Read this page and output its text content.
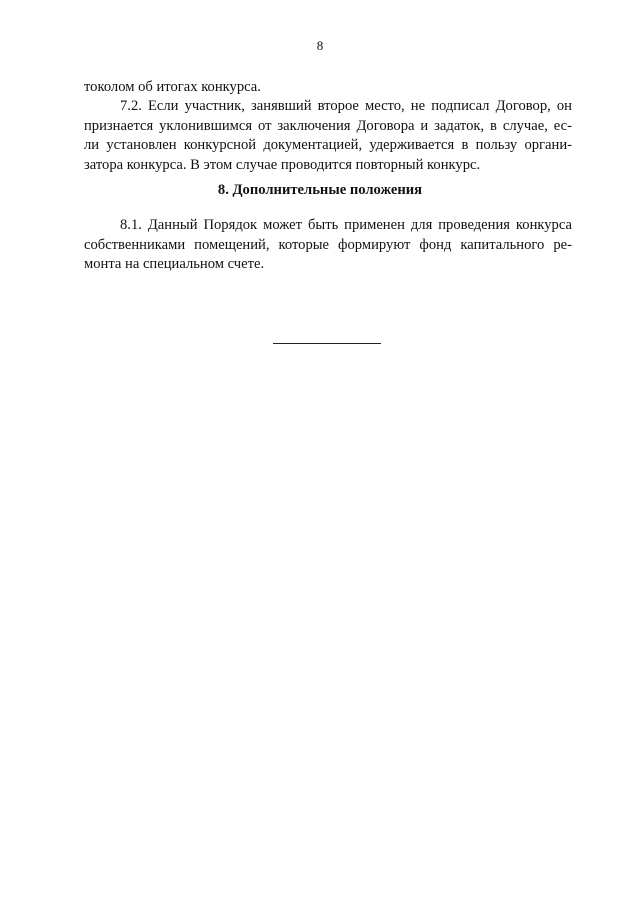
8
токолом об итогах конкурса.
7.2. Если участник, занявший второе место, не подписал Договор, он
признается уклонившимся от заключения Договора и задаток, в случае, ес-
ли установлен конкурсной документацией, удерживается в пользу органи-
затора конкурса. В этом случае проводится повторный конкурс.
8. Дополнительные положения
8.1. Данный Порядок может быть применен для проведения конкурса
собственниками помещений, которые формируют фонд капитального ре-
монта на специальном счете.
